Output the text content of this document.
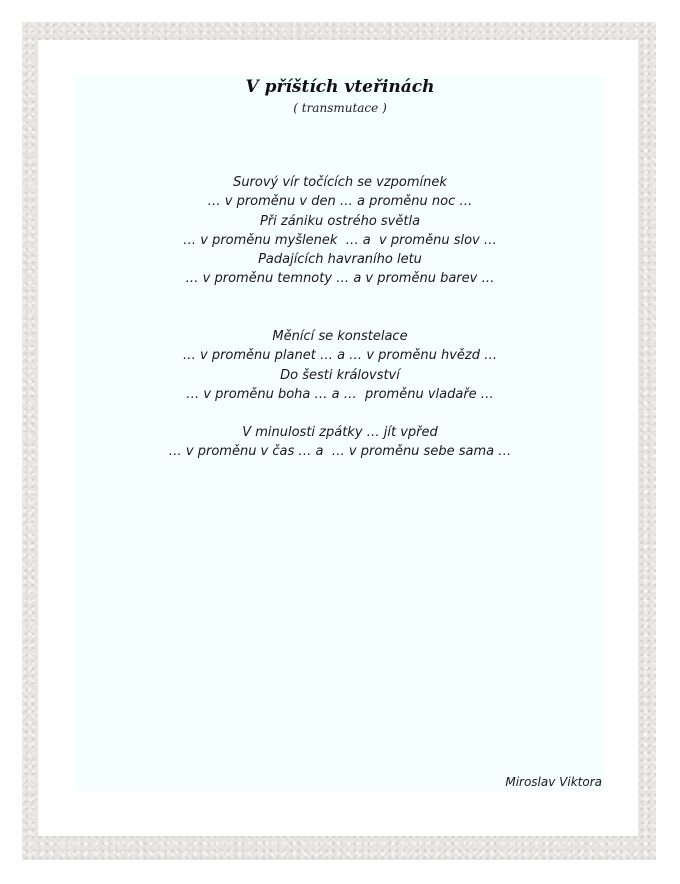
V příštích vteřinách
( transmutace )
Surový vír točících se vzpomínek
… v proměnu v den … a proměnu noc …
Při zániku ostrého světla
… v proměnu myšlenek  … a  v proměnu slov …
Padajících havraního letu
… v proměnu temnoty … a v proměnu barev …
Měnící se konstelace
… v proměnu planet … a … v proměnu hvězd …
Do šesti království
… v proměnu boha … a …  proměnu vladaře …
V minulosti zpátky … jít vpřed
… v proměnu v čas … a  … v proměnu sebe sama …
Miroslav Viktora
